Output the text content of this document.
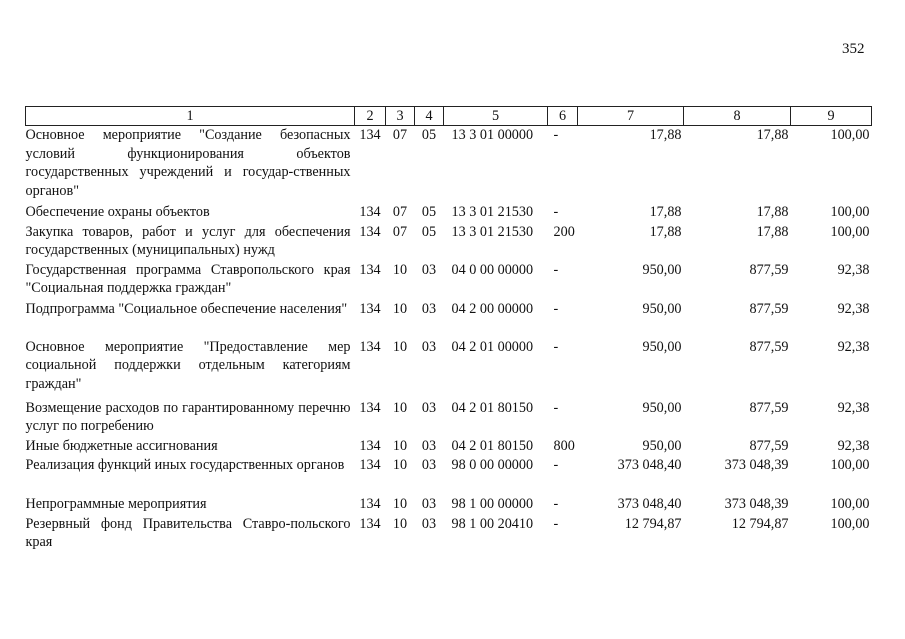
352
1	2	3	4	5	6	7	8	9
Основное мероприятие "Создание безопасных условий функционирования объектов государственных учреждений и государ-ственных органов"	134	07	05	13 3 01 00000	-	17,88	17,88	100,00
Обеспечение охраны объектов	134	07	05	13 3 01 21530	-	17,88	17,88	100,00
Закупка товаров, работ и услуг для обеспечения государственных (муниципальных) нужд	134	07	05	13 3 01 21530	200	17,88	17,88	100,00
Государственная программа Ставропольского края "Социальная поддержка граждан"	134	10	03	04 0 00 00000	-	950,00	877,59	92,38
Подпрограмма "Социальное обеспечение населения"	134	10	03	04 2 00 00000	-	950,00	877,59	92,38
Основное мероприятие "Предоставление мер социальной поддержки отдельным категориям граждан"	134	10	03	04 2 01 00000	-	950,00	877,59	92,38
Возмещение расходов по гарантированному перечню услуг по погребению	134	10	03	04 2 01 80150	-	950,00	877,59	92,38
Иные бюджетные ассигнования	134	10	03	04 2 01 80150	800	950,00	877,59	92,38
Реализация функций иных государственных органов	134	10	03	98 0 00 00000	-	373 048,40	373 048,39	100,00
Непрограммные мероприятия	134	10	03	98 1 00 00000	-	373 048,40	373 048,39	100,00
Резервный фонд Правительства Ставро-польского края	134	10	03	98 1 00 20410	-	12 794,87	12 794,87	100,00
